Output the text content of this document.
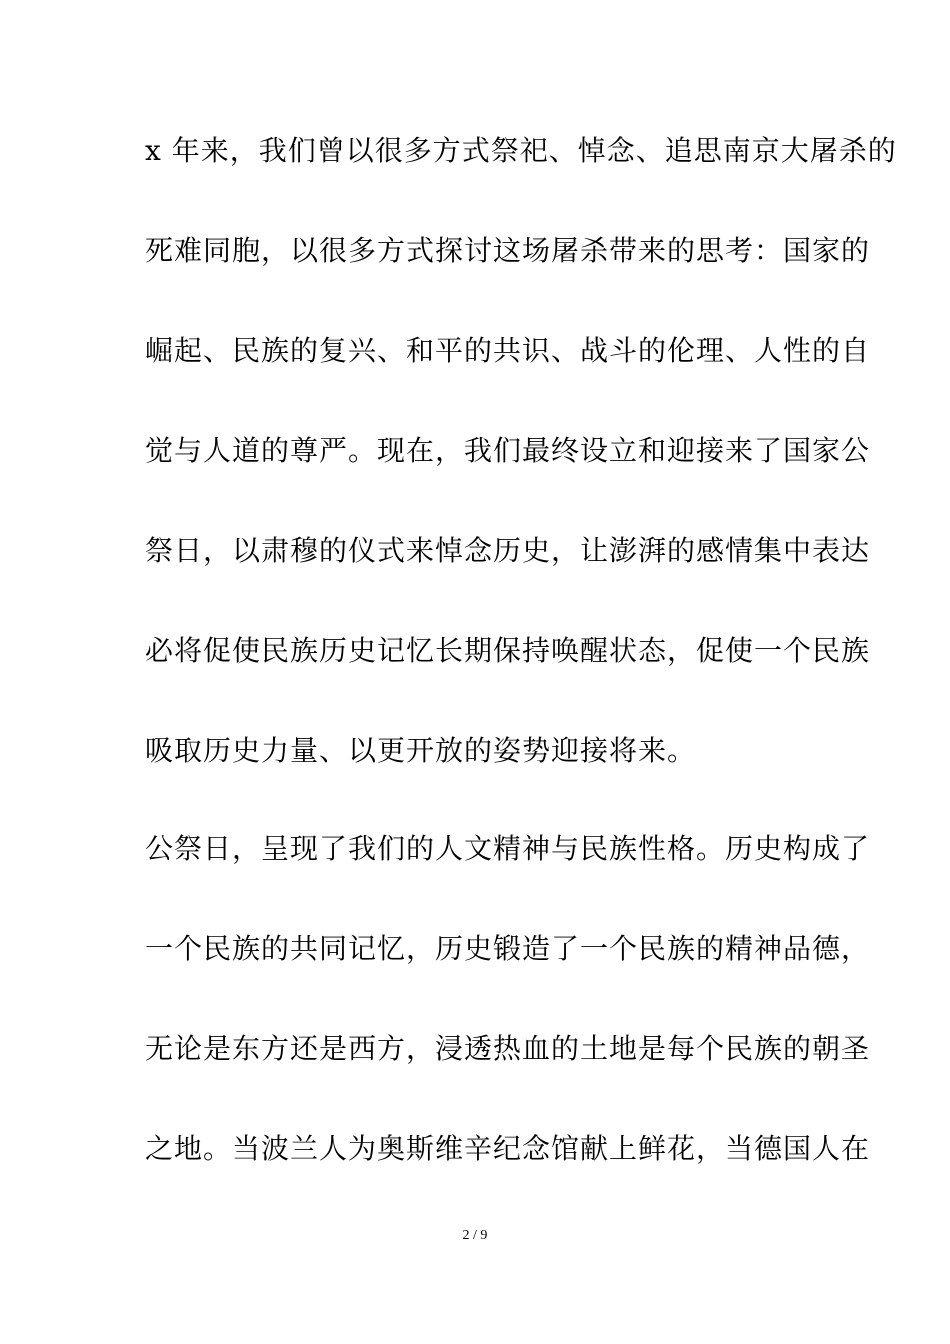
x 年来，我们曾以很多方式祭祀、悼念、追思南京大屠杀的
死难同胞，以很多方式探讨这场屠杀带来的思考：国家的
崛起、民族的复兴、和平的共识、战斗的伦理、人性的自
觉与人道的尊严。现在，我们最终设立和迎接来了国家公
祭日，以肃穆的仪式来悼念历史，让澎湃的感情集中表达
必将促使民族历史记忆长期保持唤醒状态，促使一个民族
吸取历史力量、以更开放的姿势迎接将来。
公祭日，呈现了我们的人文精神与民族性格。历史构成了
一个民族的共同记忆，历史锻造了一个民族的精神品德，
无论是东方还是西方，浸透热血的土地是每个民族的朝圣
之地。当波兰人为奥斯维辛纪念馆献上鲜花，当德国人在
2 / 9
